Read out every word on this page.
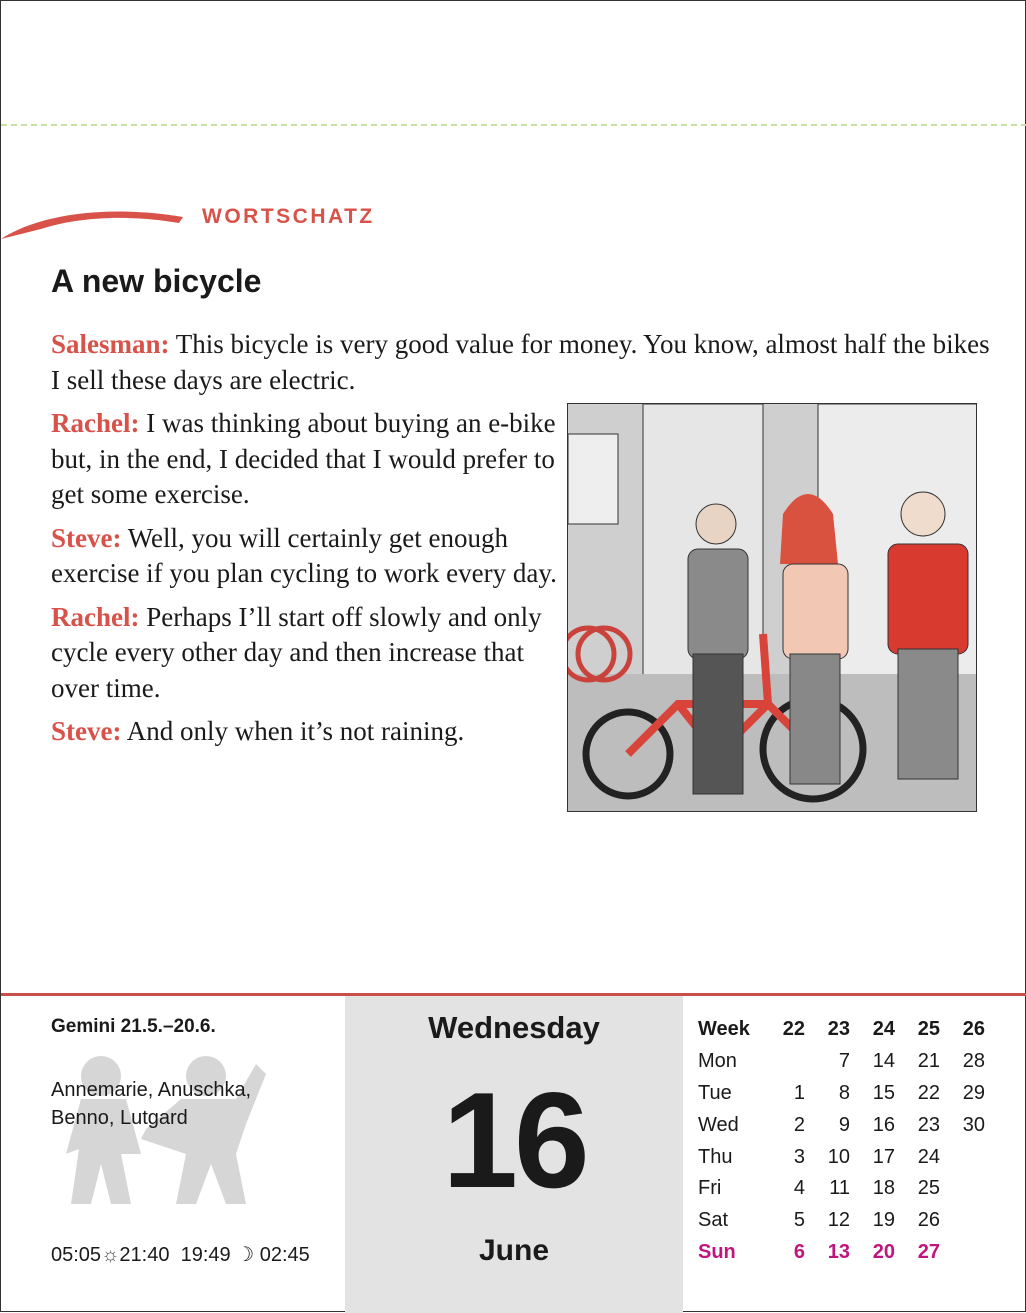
WORTSCHATZ
A new bicycle

Salesman: This bicycle is very good value for money. You know, almost half the bikes I sell these days are electric.

Rachel: I was thinking about buying an e-bike but, in the end, I decided that I would prefer to get some exercise.

Steve: Well, you will certainly get enough exercise if you plan cycling to work every day.

Rachel: Perhaps I’ll start off slowly and only cycle every other day and then increase that over time.

Steve: And only when it’s not raining.

Gemini 21.5.–20.6.
Annemarie, Anuschka, Benno, Lutgard
05:05☼21:40 19:49 ☽ 02:45
Wednesday
16
June
Week	22	23	24	25	26
Mon		7	14	21	28
Tue	1	8	15	22	29
Wed	2	9	16	23	30
Thu	3	10	17	24	
Fri	4	11	18	25	
Sat	5	12	19	26	
Sun	6	13	20	27	
